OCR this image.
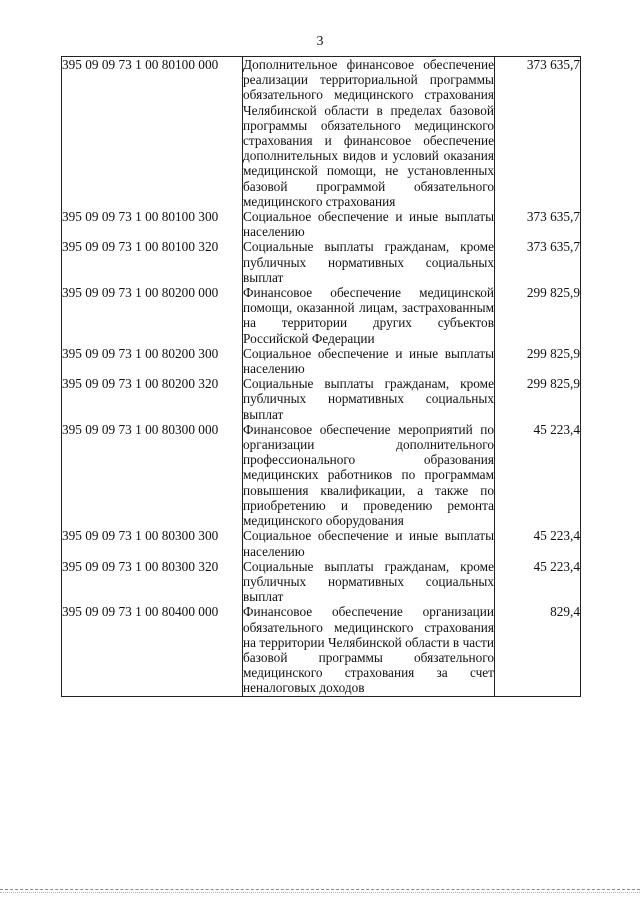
3
395 09 09 73 1 00 80100 000	Дополнительное финансовое обеспечение реализации территориальной программы обязательного медицинского страхования Челябинской области в пределах базовой программы обязательного медицинского страхования и финансовое обеспечение дополнительных видов и условий оказания медицинской помощи, не установленных базовой программой обязательного медицинского страхования	373 635,7
395 09 09 73 1 00 80100 300	Социальное обеспечение и иные выплаты населению	373 635,7
395 09 09 73 1 00 80100 320	Социальные выплаты гражданам, кроме публичных нормативных социальных выплат	373 635,7
395 09 09 73 1 00 80200 000	Финансовое обеспечение медицинской помощи, оказанной лицам, застрахованным на территории других субъектов Российской Федерации	299 825,9
395 09 09 73 1 00 80200 300	Социальное обеспечение и иные выплаты населению	299 825,9
395 09 09 73 1 00 80200 320	Социальные выплаты гражданам, кроме публичных нормативных социальных выплат	299 825,9
395 09 09 73 1 00 80300 000	Финансовое обеспечение мероприятий по организации дополнительного профессионального образования медицинских работников по программам повышения квалификации, а также по приобретению и проведению ремонта медицинского оборудования	45 223,4
395 09 09 73 1 00 80300 300	Социальное обеспечение и иные выплаты населению	45 223,4
395 09 09 73 1 00 80300 320	Социальные выплаты гражданам, кроме публичных нормативных социальных выплат	45 223,4
395 09 09 73 1 00 80400 000	Финансовое обеспечение организации обязательного медицинского страхования на территории Челябинской области в части базовой программы обязательного медицинского страхования за счет неналоговых доходов	829,4
